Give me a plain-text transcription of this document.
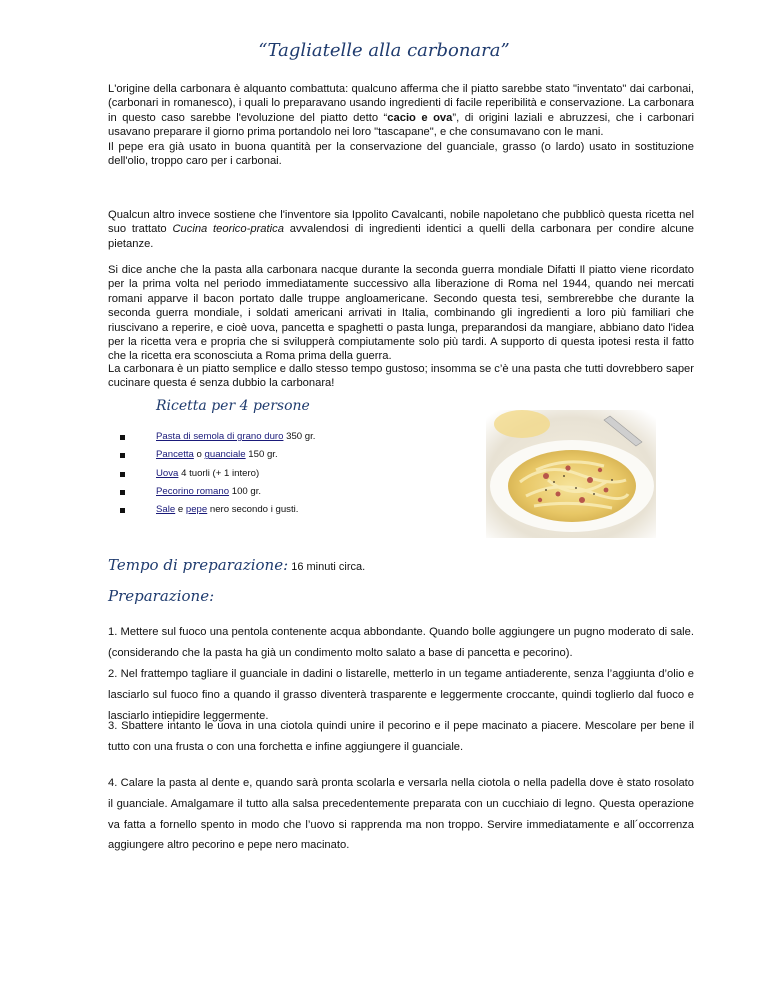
“Tagliatelle alla carbonara”

L'origine della carbonara è alquanto combattuta: qualcuno afferma che il piatto sarebbe stato "inventato" dai carbonai, (carbonari in romanesco), i quali lo preparavano usando ingredienti di facile reperibilità e conservazione. La carbonara in questo caso sarebbe l'evoluzione del piatto detto “cacio e ova”, di origini laziali e abruzzesi, che i carbonari usavano preparare il giorno prima portandolo nei loro "tascapane", e che consumavano con le mani.

Il pepe era già usato in buona quantità per la conservazione del guanciale, grasso (o lardo) usato in sostituzione dell'olio, troppo caro per i carbonai.

Qualcun altro invece sostiene che l'inventore sia Ippolito Cavalcanti, nobile napoletano che pubblicò questa ricetta nel suo trattato Cucina teorico-pratica avvalendosi di ingredienti identici a quelli della carbonara per condire alcune pietanze.

Si dice anche che la pasta alla carbonara nacque durante la seconda guerra mondiale Difatti Il piatto viene ricordato per la prima volta nel periodo immediatamente successivo alla liberazione di Roma nel 1944, quando nei mercati romani apparve il bacon portato dalle truppe angloamericane. Secondo questa tesi, sembrerebbe che durante la seconda guerra mondiale, i soldati americani arrivati in Italia, combinando gli ingredienti a loro più familiari che riuscivano a reperire, e cioè uova, pancetta e spaghetti o pasta lunga, preparandosi da mangiare, abbiano dato l'idea per la ricetta vera e propria che si svilupperà compiutamente solo più tardi. A supporto di questa ipotesi resta il fatto che la ricetta era sconosciuta a Roma prima della guerra.

La carbonara è un piatto semplice e dallo stesso tempo gustoso; insomma se c’è una pasta che tutti dovrebbero saper cucinare questa é senza dubbio la carbonara!

Ricetta per 4 persone
Pasta di semola di grano duro 350 gr.
Pancetta o guanciale 150 gr.
Uova 4 tuorli (+ 1 intero)
Pecorino romano 100 gr.
Sale e pepe nero secondo i gusti.
Tempo di preparazione: 16 minuti circa.
Preparazione:
1. Mettere sul fuoco una pentola contenente acqua abbondante. Quando bolle aggiungere un pugno moderato di sale. (considerando che la pasta ha già un condimento molto salato a base di pancetta e pecorino).
2. Nel frattempo tagliare il guanciale in dadini o listarelle, metterlo in un tegame antiaderente, senza l’aggiunta d’olio e lasciarlo sul fuoco fino a quando il grasso diventerà trasparente e leggermente croccante, quindi toglierlo dal fuoco e lasciarlo intiepidire leggermente.
3. Sbattere intanto le uova in una ciotola quindi unire il pecorino e il pepe macinato a piacere. Mescolare per bene il tutto con una frusta o con una forchetta e infine aggiungere il guanciale.
4. Calare la pasta al dente e, quando sarà pronta scolarla e versarla nella ciotola o nella padella dove è stato rosolato il guanciale. Amalgamare il tutto alla salsa precedentemente preparata con un cucchiaio di legno. Questa operazione va fatta a fornello spento in modo che l’uovo si rapprenda ma non troppo. Servire immediatamente e all´occorrenza aggiungere altro pecorino e pepe nero macinato.
